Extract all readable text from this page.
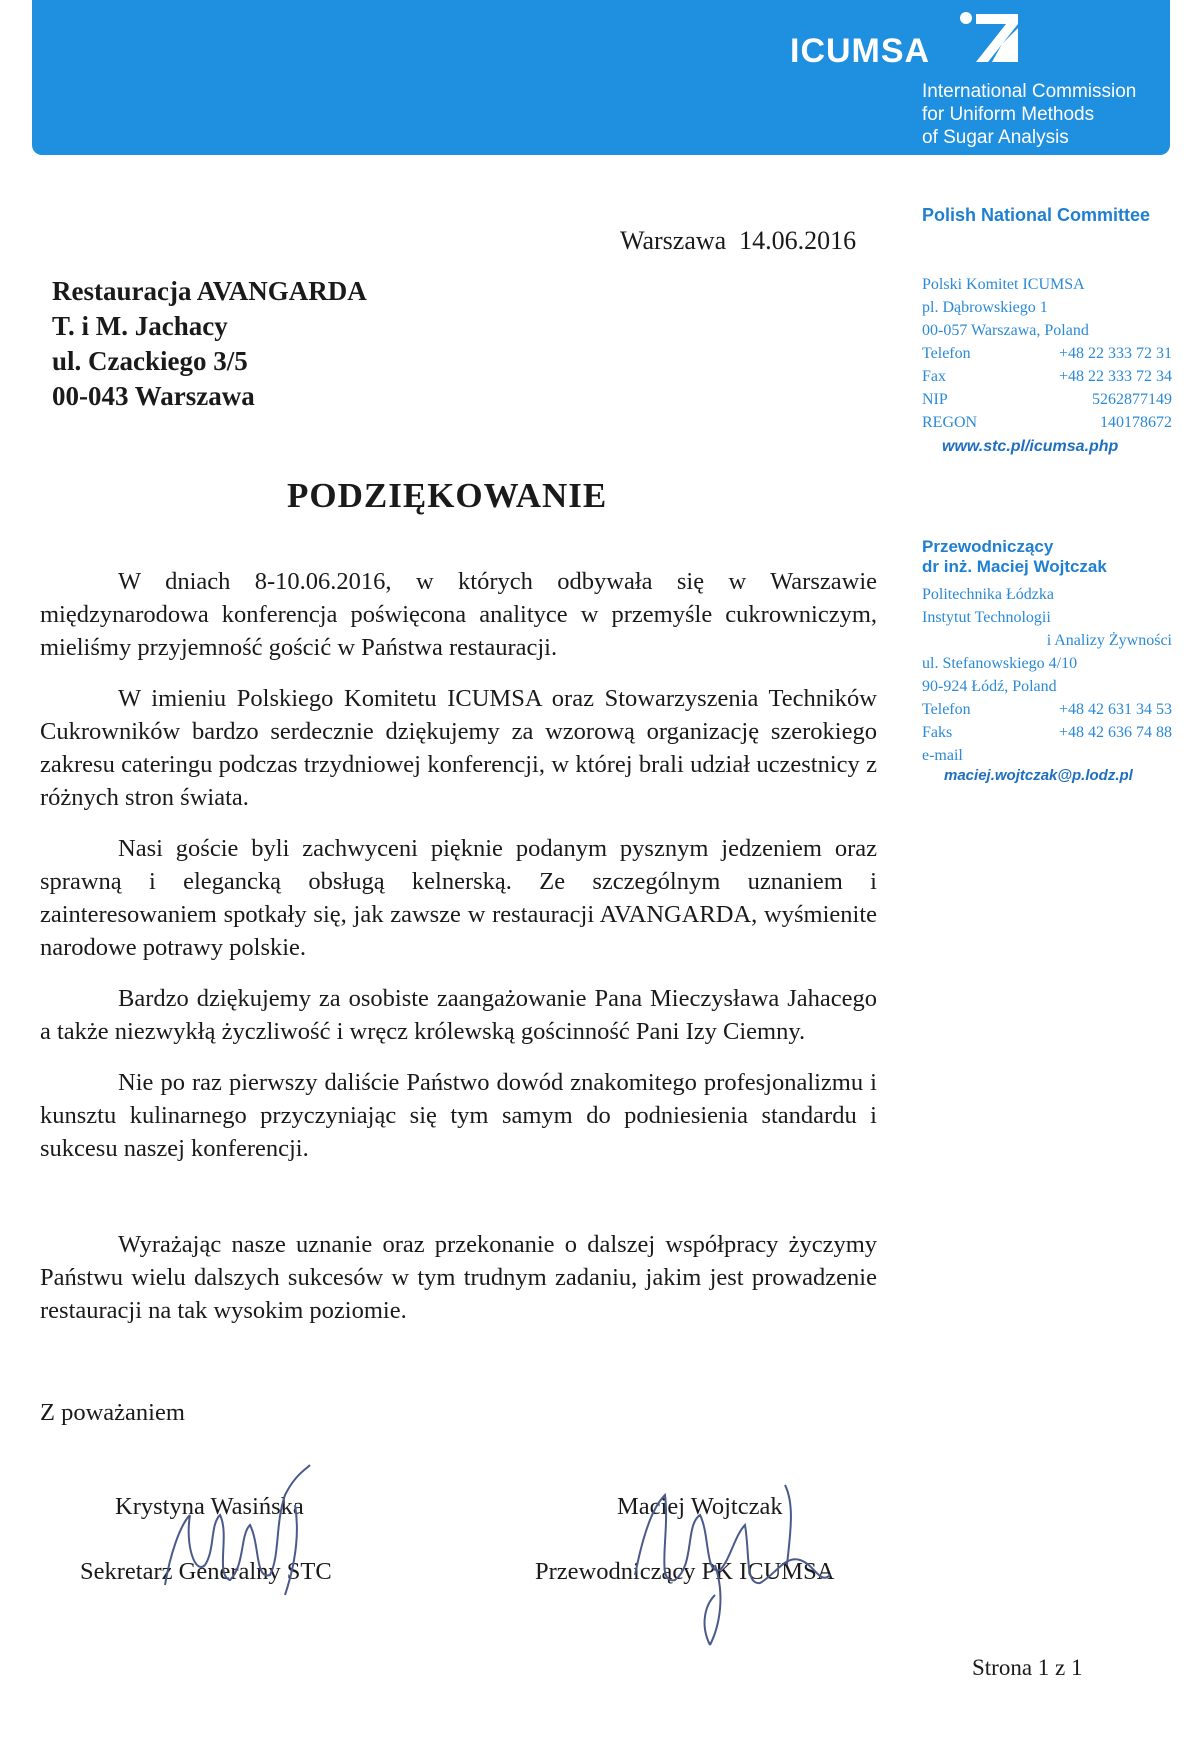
ICUMSA
International Commission
for Uniform Methods
of Sugar Analysis
Polish National Committee
Polski Komitet ICUMSA
pl. Dąbrowskiego 1
00-057 Warszawa, Poland
Telefon	+48 22 333 72 31
Fax	+48 22 333 72 34
NIP	5262877149
REGON	140178672
www.stc.pl/icumsa.php
Przewodniczący
dr inż. Maciej Wojtczak
Politechnika Łódzka
Instytut Technologii
i Analizy Żywności
ul. Stefanowskiego 4/10
90-924 Łódź, Poland
Telefon	+48 42 631 34 53
Faks	+48 42 636 74 88
e-mail
maciej.wojtczak@p.lodz.pl
Warszawa  14.06.2016
Restauracja AVANGARDA
T. i M. Jachacy
ul. Czackiego 3/5
00-043 Warszawa
PODZIĘKOWANIE

W dniach 8-10.06.2016, w których odbywała się w Warszawie międzynarodowa konferencja poświęcona analityce w przemyśle cukrowniczym, mieliśmy przyjemność gościć w Państwa restauracji.

W imieniu Polskiego Komitetu ICUMSA oraz Stowarzyszenia Techników Cukrowników bardzo serdecznie dziękujemy za wzorową organizację szerokiego zakresu cateringu podczas trzydniowej konferencji, w której brali udział uczestnicy z różnych stron świata.

Nasi goście byli zachwyceni pięknie podanym pysznym jedzeniem oraz sprawną i elegancką obsługą kelnerską. Ze szczególnym uznaniem i zainteresowaniem spotkały się, jak zawsze w restauracji AVANGARDA, wyśmienite narodowe potrawy polskie.

Bardzo dziękujemy za osobiste zaangażowanie Pana Mieczysława Jahacego a także niezwykłą życzliwość i wręcz królewską gościnność Pani Izy Ciemny.

Nie po raz pierwszy daliście Państwo dowód znakomitego profesjonalizmu i kunsztu kulinarnego przyczyniając się tym samym do podniesienia standardu i sukcesu naszej konferencji.

Wyrażając nasze uznanie oraz przekonanie o dalszej współpracy życzymy Państwu wielu dalszych sukcesów w tym trudnym zadaniu, jakim jest prowadzenie restauracji na tak wysokim poziomie.
Z poważaniem
Krystyna Wasińska
Sekretarz Generalny STC
Maciej Wojtczak
Przewodniczący PK ICUMSA
Strona 1 z 1
